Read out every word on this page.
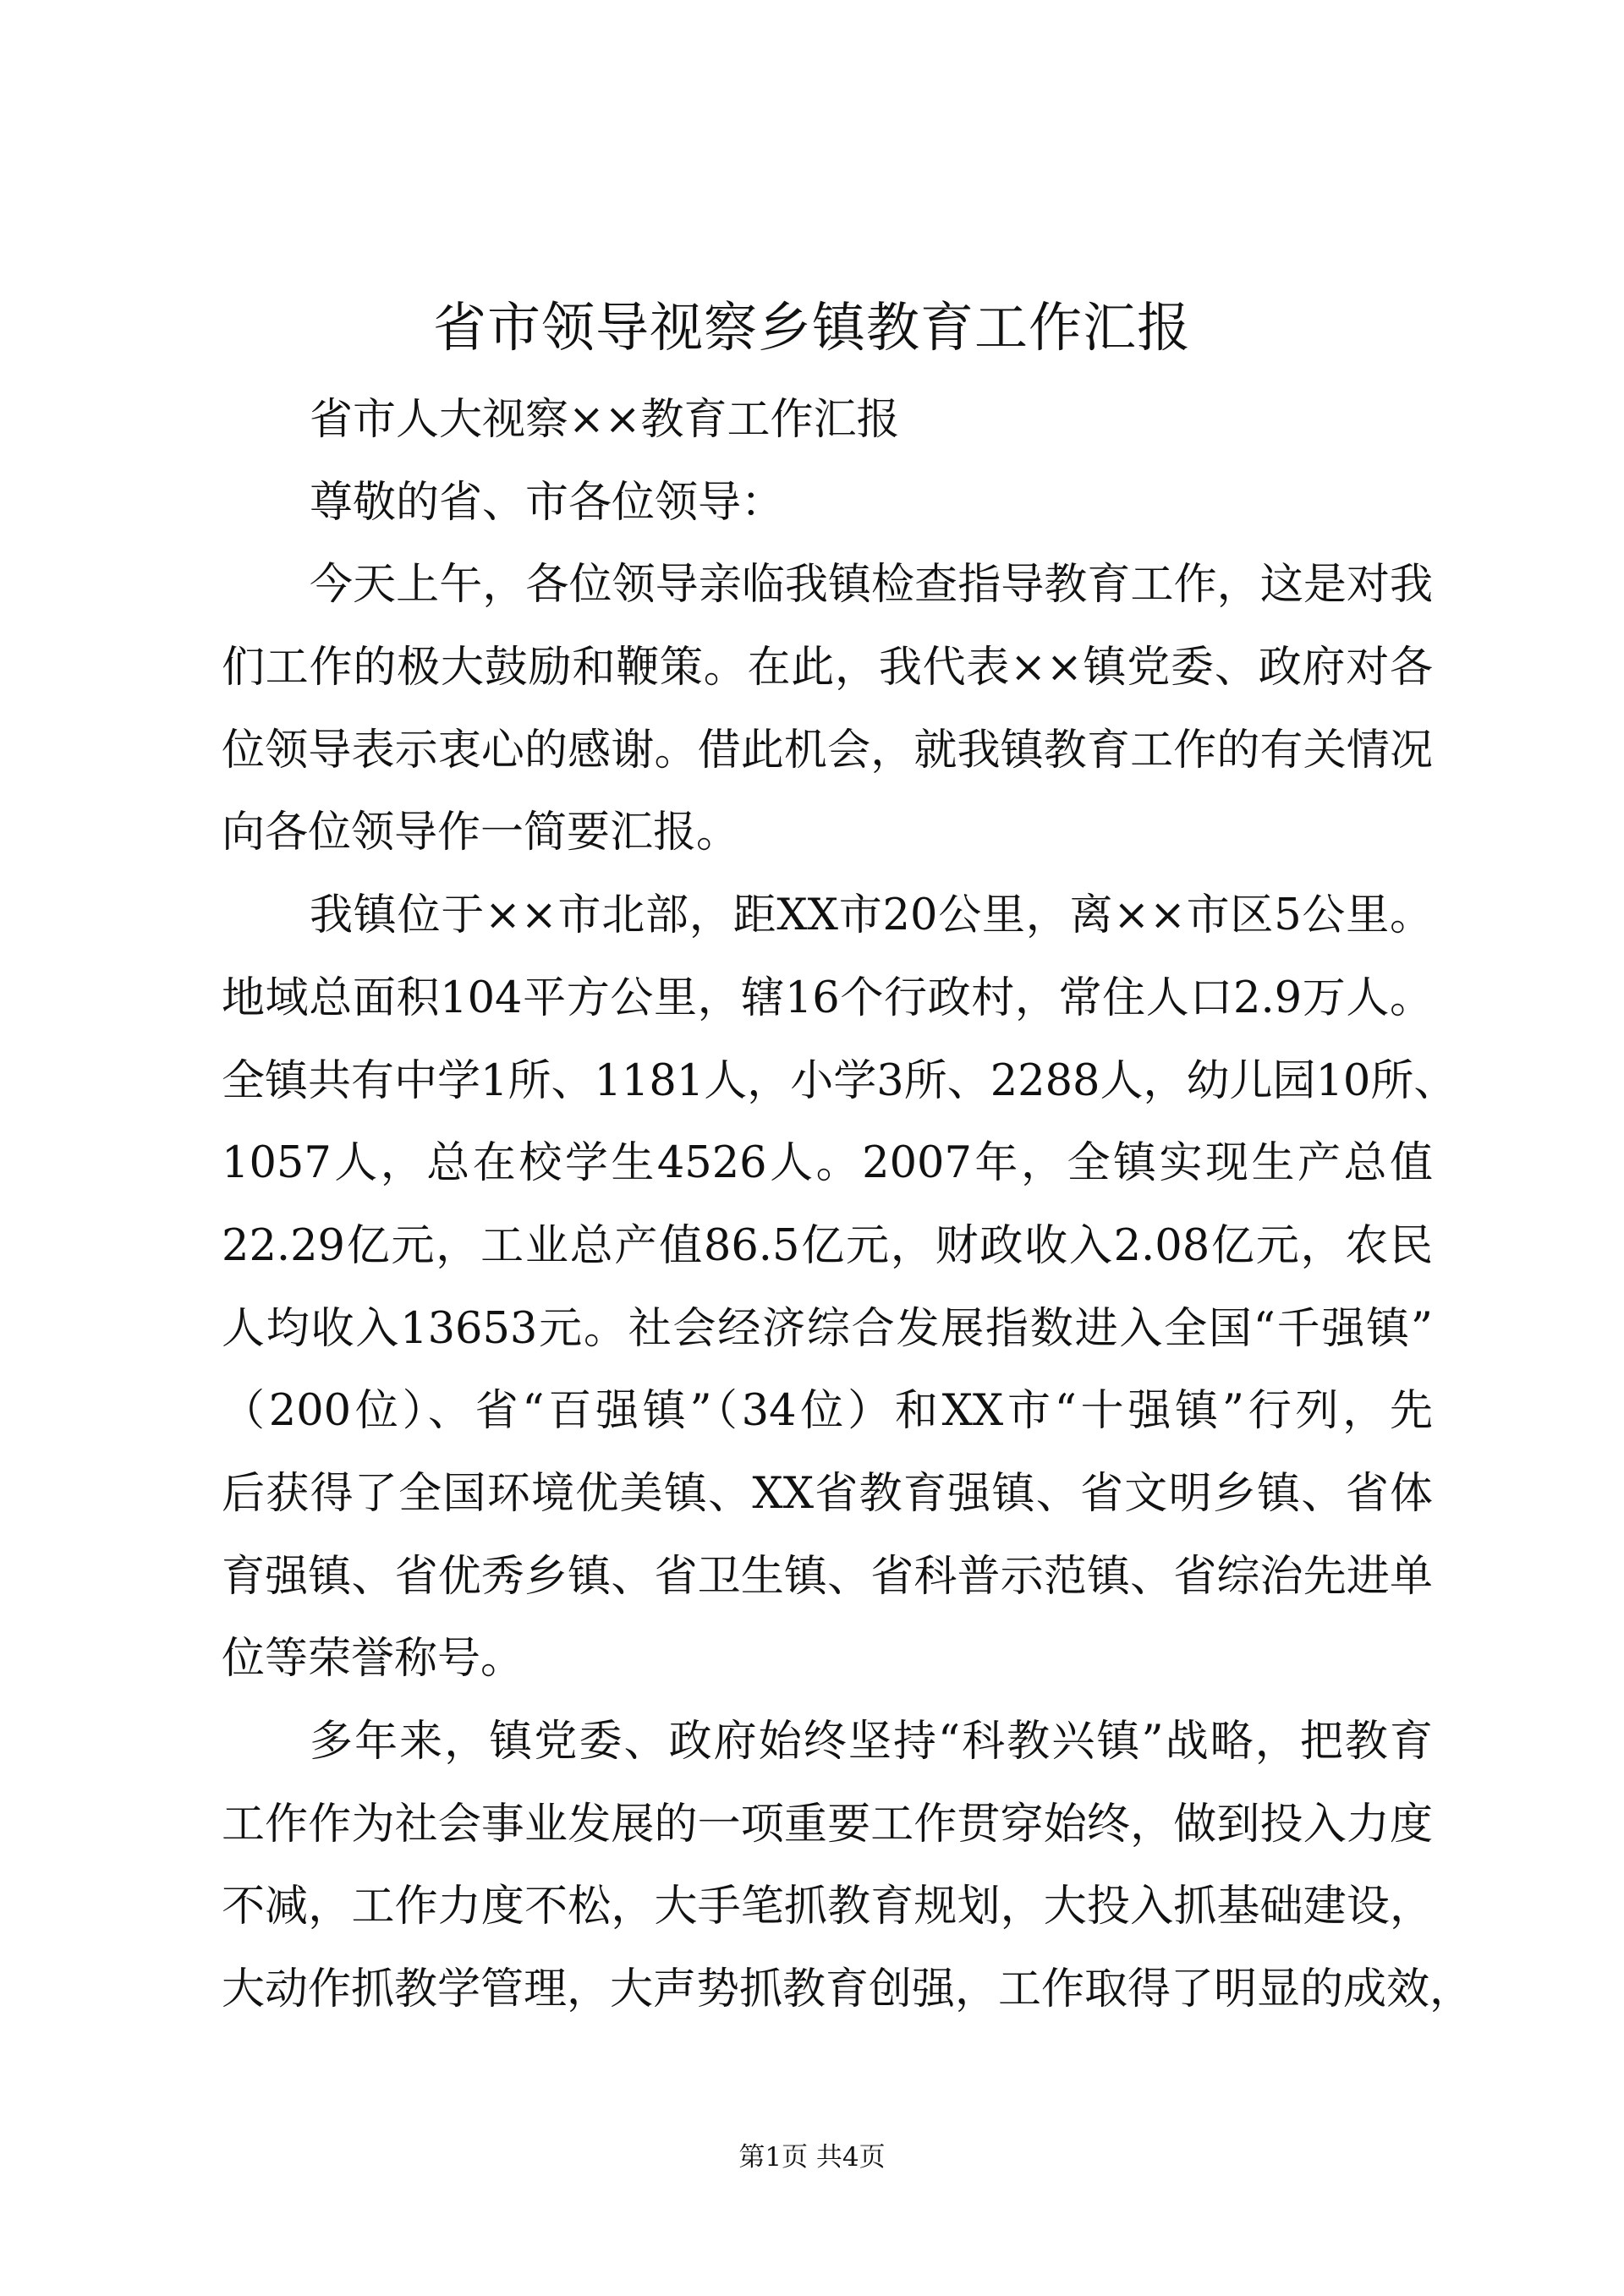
省市领导视察乡镇教育工作汇报
省市人大视察××教育工作汇报
尊敬的省、市各位领导：
今天上午，各位领导亲临我镇检查指导教育工作，这是对我
们工作的极大鼓励和鞭策。在此，我代表××镇党委、政府对各
位领导表示衷心的感谢。借此机会，就我镇教育工作的有关情况
向各位领导作一简要汇报。
我镇位于××市北部，距XX市20公里，离××市区5公里。
地域总面积104平方公里，辖16个行政村，常住人口2.9万人。
全镇共有中学1所、1181人，小学3所、2288人，幼儿园10所、
1057人，总在校学生4526人。2007年，全镇实现生产总值
22.29亿元，工业总产值86.5亿元，财政收入2.08亿元，农民
人均收入13653元。社会经济综合发展指数进入全国“千强镇”
（200位）、省“百强镇”（34位）和XX市“十强镇”行列，先
后获得了全国环境优美镇、XX省教育强镇、省文明乡镇、省体
育强镇、省优秀乡镇、省卫生镇、省科普示范镇、省综治先进单
位等荣誉称号。
多年来，镇党委、政府始终坚持“科教兴镇”战略，把教育
工作作为社会事业发展的一项重要工作贯穿始终，做到投入力度
不减，工作力度不松，大手笔抓教育规划，大投入抓基础建设，
大动作抓教学管理，大声势抓教育创强，工作取得了明显的成效，
第1页 共4页
